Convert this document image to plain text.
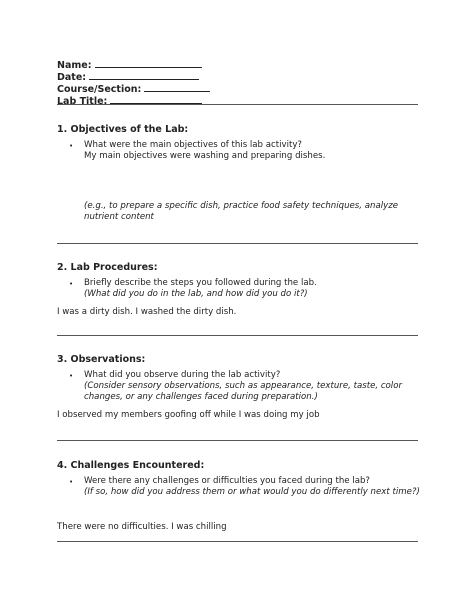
Name:
Date:
Course/Section:
Lab Title:
1. Objectives of the Lab:
• What were the main objectives of this lab activity?
My main objectives were washing and preparing dishes.
(e.g., to prepare a specific dish, practice food safety techniques, analyze
nutrient content
2. Lab Procedures:
• Briefly describe the steps you followed during the lab.
(What did you do in the lab, and how did you do it?)
I was a dirty dish. I washed the dirty dish.
3. Observations:
• What did you observe during the lab activity?
(Consider sensory observations, such as appearance, texture, taste, color
changes, or any challenges faced during preparation.)
I observed my members goofing off while I was doing my job
4. Challenges Encountered:
• Were there any challenges or difficulties you faced during the lab?
(If so, how did you address them or what would you do differently next time?)
There were no difficulties. I was chilling
